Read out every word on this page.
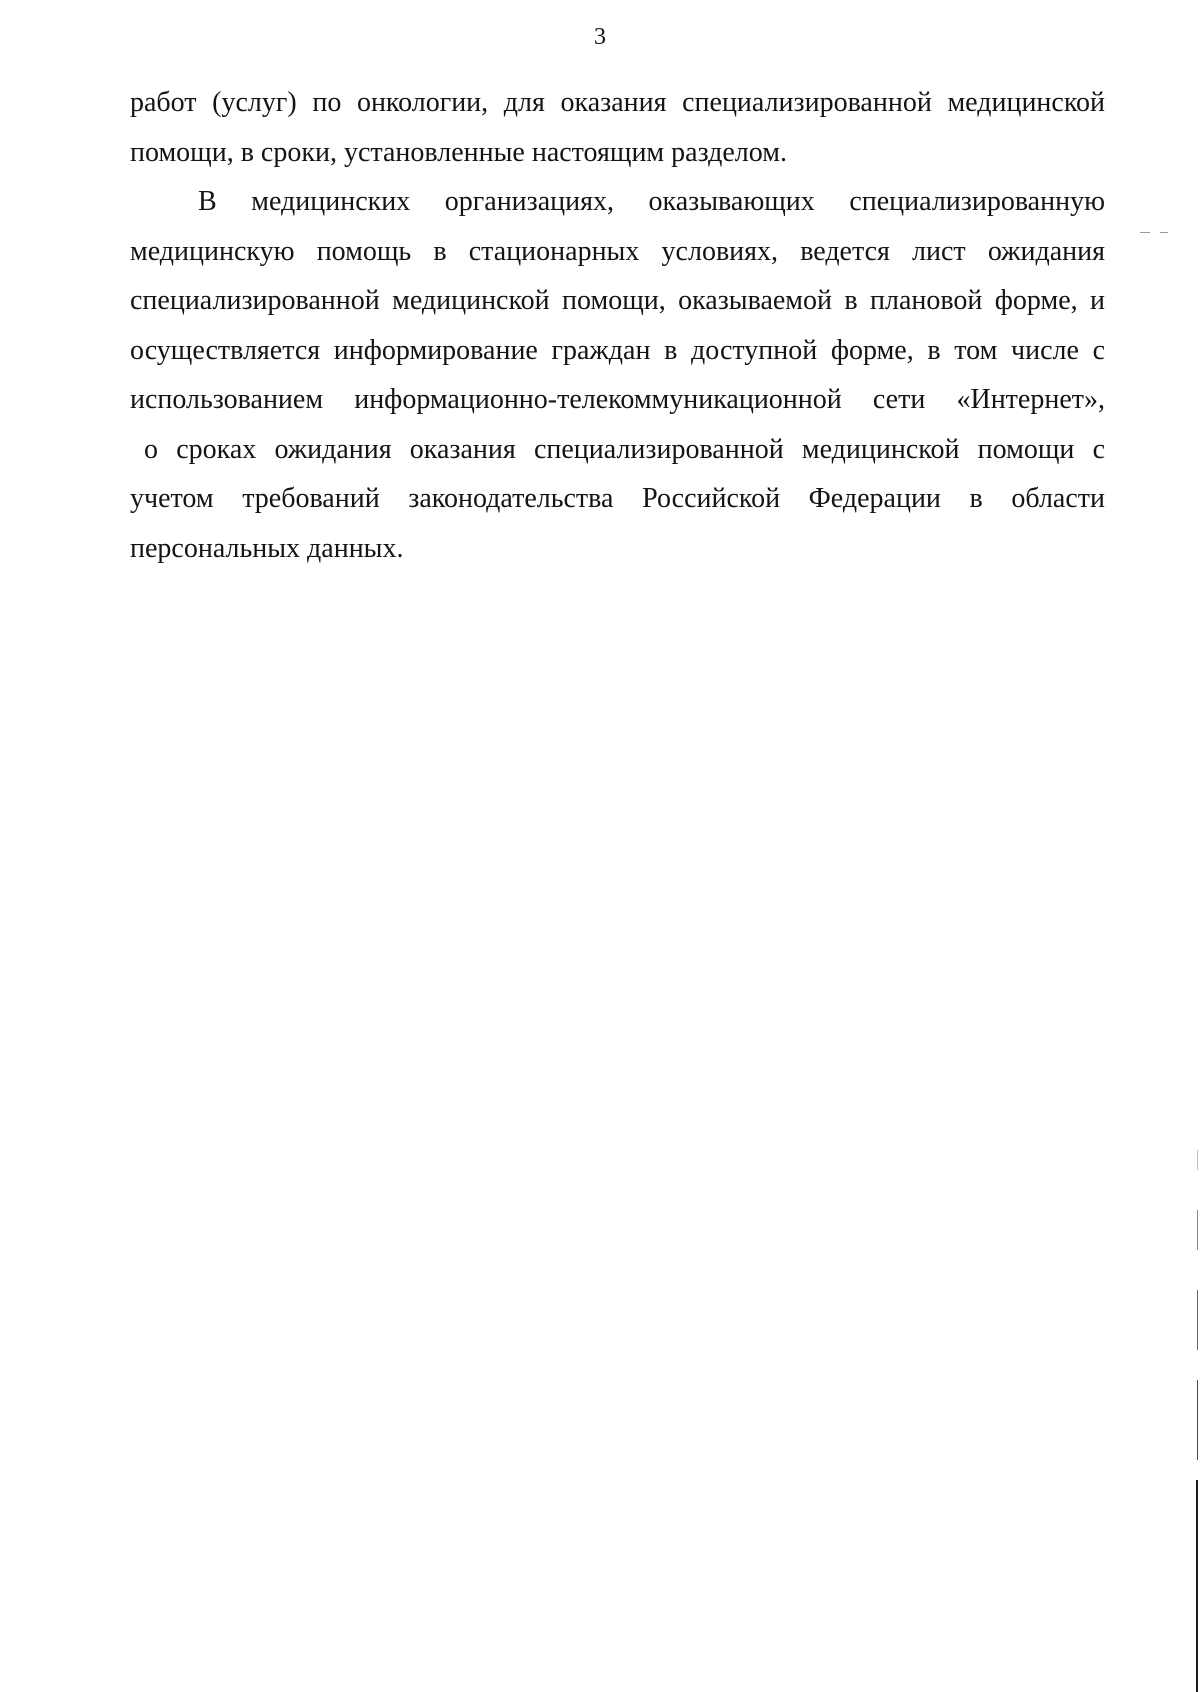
3
работ (услуг) по онкологии, для оказания специализированной медицинской
помощи, в сроки, установленные настоящим разделом.
В медицинских организациях, оказывающих специализированную
медицинскую помощь в стационарных условиях, ведется лист ожидания
специализированной медицинской помощи, оказываемой в плановой форме, и
осуществляется информирование граждан в доступной форме, в том числе с
использованием информационно-телекоммуникационной сети «Интернет»,
о сроках ожидания оказания специализированной медицинской помощи с
учетом требований законодательства Российской Федерации в области
персональных данных.
